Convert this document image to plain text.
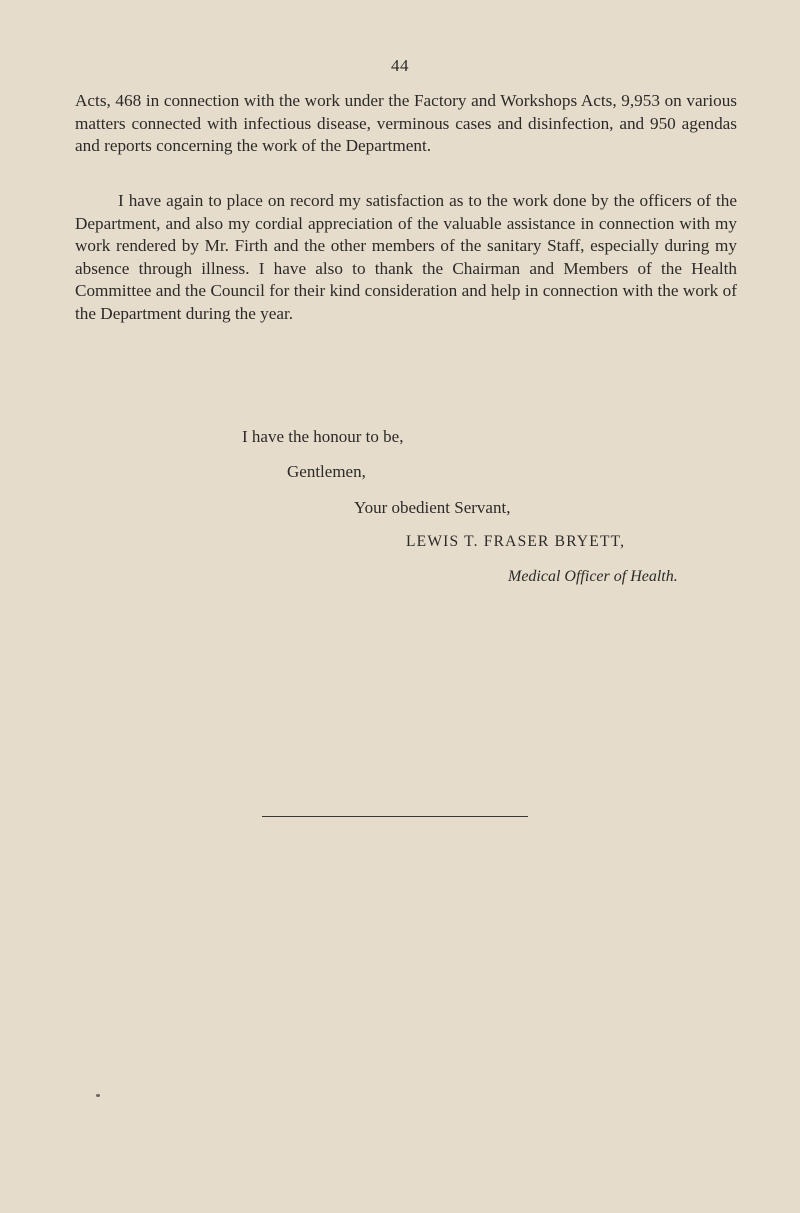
44

Acts, 468 in connection with the work under the Factory and Workshops Acts, 9,953 on various matters connected with infectious disease, verminous cases and disinfection, and 950 agendas and reports concerning the work of the Department.

I have again to place on record my satisfaction as to the work done by the officers of the Department, and also my cordial appreciation of the valuable assistance in connection with my work rendered by Mr. Firth and the other members of the sanitary Staff, especially during my absence through illness. I have also to thank the Chairman and Members of the Health Committee and the Council for their kind consideration and help in connection with the work of the Department during the year.

I have the honour to be,
Gentlemen,
Your obedient Servant,
LEWIS T. FRASER BRYETT,
Medical Officer of Health.
